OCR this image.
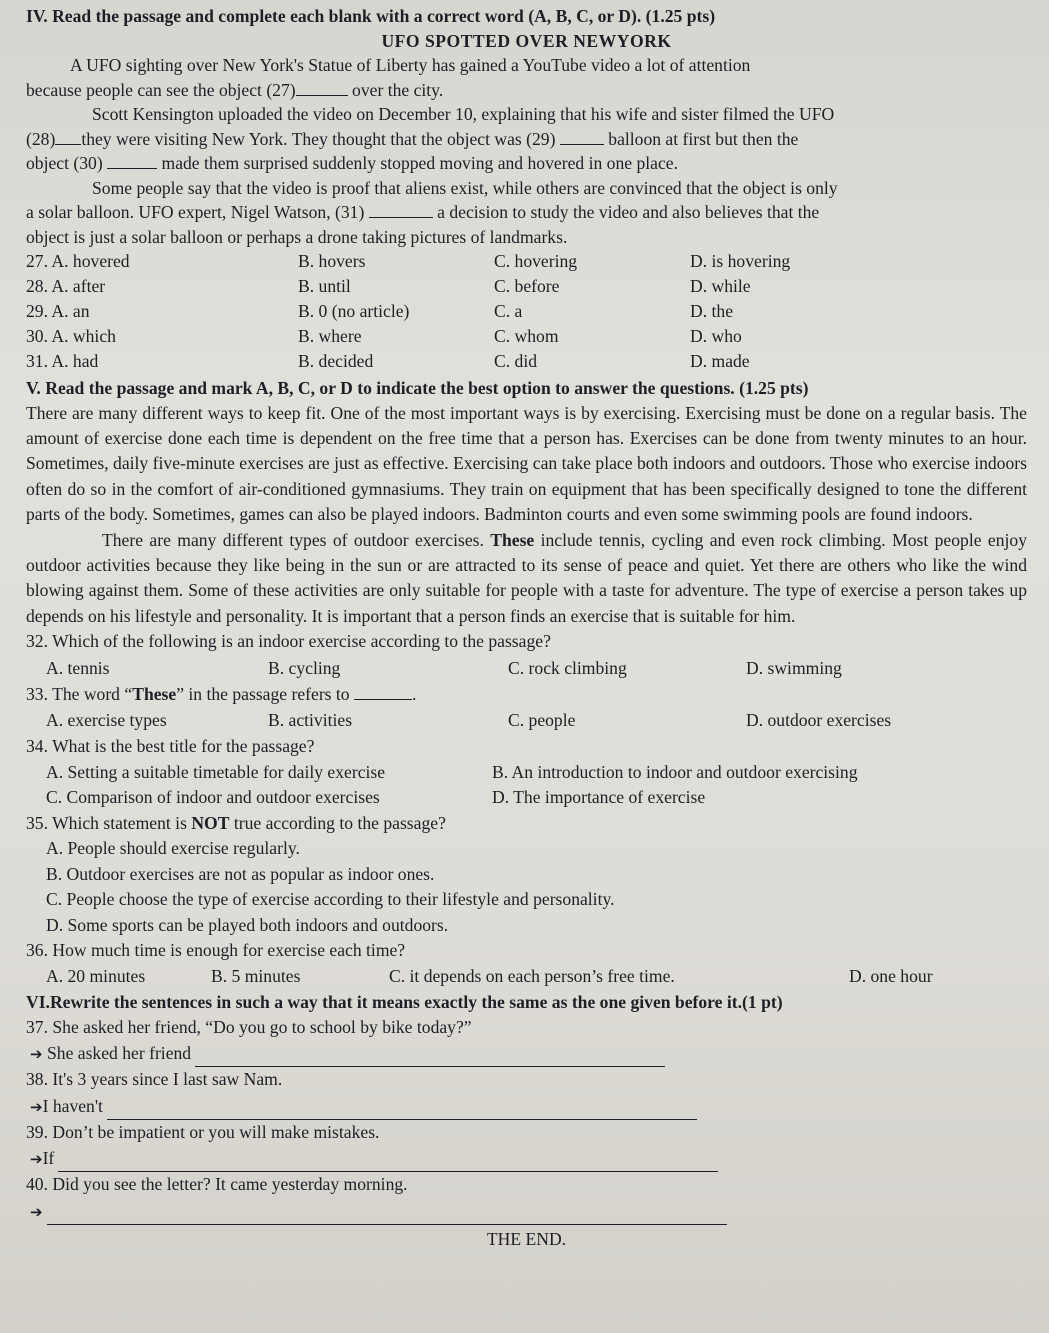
IV. Read the passage and complete each blank with a correct word (A, B, C, or D). (1.25 pts)
UFO SPOTTED OVER NEWYORK
A UFO sighting over New York's Statue of Liberty has gained a YouTube video a lot of attention
because people can see the object (27)	over the city.
Scott Kensington uploaded the video on December 10, explaining that his wife and sister filmed the UFO
(28) they were visiting New York. They thought that the object was (29)	balloon at first but then the
object (30)	made them surprised suddenly stopped moving and hovered in one place.
Some people say that the video is proof that aliens exist, while others are convinced that the object is only
a solar balloon. UFO expert, Nigel Watson, (31)	a decision to study the video and also believes that the
object is just a solar balloon or perhaps a drone taking pictures of landmarks.
27. A. hovered	B. hovers	C. hovering	D. is hovering
28. A. after	B. until	C. before	D. while
29. A. an	B. 0 (no article)	C. a	D. the
30. A. which	B. where	C. whom	D. who
31. A. had	B. decided	C. did	D. made
V. Read the passage and mark A, B, C, or D to indicate the best option to answer the questions. (1.25 pts)
There are many different ways to keep fit. One of the most important ways is by exercising. Exercising must be done on a regular basis. The amount of exercise done each time is dependent on the free time that a person has. Exercises can be done from twenty minutes to an hour. Sometimes, daily five-minute exercises are just as effective. Exercising can take place both indoors and outdoors. Those who exercise indoors often do so in the comfort of air-conditioned gymnasiums. They train on equipment that has been specifically designed to tone the different parts of the body. Sometimes, games can also be played indoors. Badminton courts and even some swimming pools are found indoors.
There are many different types of outdoor exercises. These include tennis, cycling and even rock climbing. Most people enjoy outdoor activities because they like being in the sun or are attracted to its sense of peace and quiet. Yet there are others who like the wind blowing against them. Some of these activities are only suitable for people with a taste for adventure. The type of exercise a person takes up depends on his lifestyle and personality. It is important that a person finds an exercise that is suitable for him.
32. Which of the following is an indoor exercise according to the passage?
A. tennis	B. cycling	C. rock climbing	D. swimming
33. The word “These” in the passage refers to	.
A. exercise types	B. activities	C. people	D. outdoor exercises
34. What is the best title for the passage?
A. Setting a suitable timetable for daily exercise	B. An introduction to indoor and outdoor exercising
C. Comparison of indoor and outdoor exercises	D. The importance of exercise
35. Which statement is NOT true according to the passage?
A. People should exercise regularly.
B. Outdoor exercises are not as popular as indoor ones.
C. People choose the type of exercise according to their lifestyle and personality.
D. Some sports can be played both indoors and outdoors.
36. How much time is enough for exercise each time?
A. 20 minutes	B. 5 minutes	C. it depends on each person’s free time.	D. one hour
VI.Rewrite the sentences in such a way that it means exactly the same as the one given before it.(1 pt)
37. She asked her friend, “Do you go to school by bike today?”
➔ She asked her friend
38. It's 3 years since I last saw Nam.
➔I haven't
39. Don’t be impatient or you will make mistakes.
➔If
40. Did you see the letter? It came yesterday morning.
➔
THE END.
